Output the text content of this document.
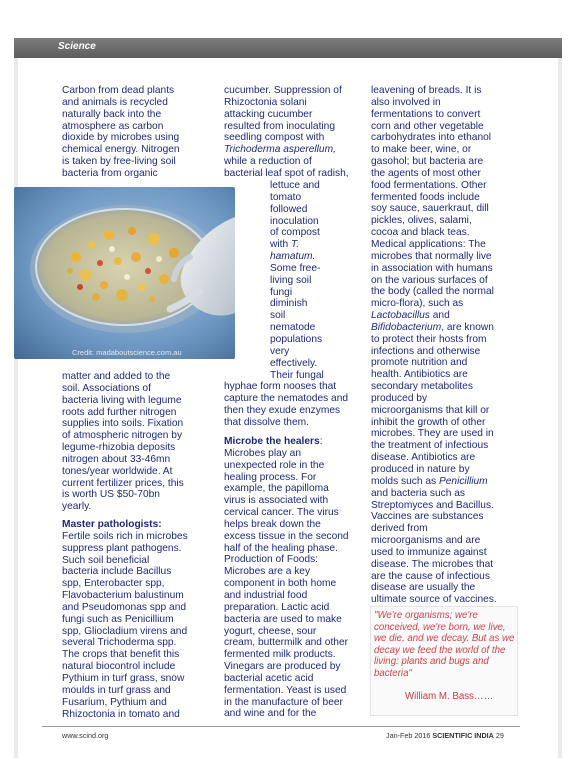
Science
Carbon from dead plants
and animals is recycled
naturally back into the
atmosphere as carbon
dioxide by microbes using
chemical energy. Nitrogen
is taken by free-living soil
bacteria from organic
Credit: madaboutscience.com.au
matter and added to the
soil. Associations of
bacteria living with legume
roots add further nitrogen
supplies into soils. Fixation
of atmospheric nitrogen by
legume-rhizobia deposits
nitrogen about 33-46mn
tones/year worldwide. At
current fertilizer prices, this
is worth US $50-70bn
yearly.
Master pathologists:
Fertile soils rich in microbes
suppress plant pathogens.
Such soil beneficial
bacteria include Bacillus
spp, Enterobacter spp,
Flavobacterium balustinum
and Pseudomonas spp and
fungi such as Penicillium
spp, Gliocladium virens and
several Trichoderma spp.
The crops that benefit this
natural biocontrol include
Pythium in turf grass, snow
moulds in turf grass and
Fusarium, Pythium and
Rhizoctonia in tomato and
cucumber. Suppression of
Rhizoctonia solani
attacking cucumber
resulted from inoculating
seedling compost with
Trichoderma asperellum,
while a reduction of
bacterial leaf spot of radish,
lettuce and
tomato
followed
inoculation
of compost
with T.
hamatum.
Some free-
living soil
fungi
diminish
soil
nematode
populations
very
effectively.
Their fungal
hyphae form nooses that
capture the nematodes and
then they exude enzymes
that dissolve them.
Microbe the healers:
Microbes play an
unexpected role in the
healing process. For
example, the papilloma
virus is associated with
cervical cancer. The virus
helps break down the
excess tissue in the second
half of the healing phase.
Production of Foods:
Microbes are a key
component in both home
and industrial food
preparation. Lactic acid
bacteria are used to make
yogurt, cheese, sour
cream, buttermilk and other
fermented milk products.
Vinegars are produced by
bacterial acetic acid
fermentation. Yeast is used
in the manufacture of beer
and wine and for the
leavening of breads. It is
also involved in
fermentations to convert
corn and other vegetable
carbohydrates into ethanol
to make beer, wine, or
gasohol; but bacteria are
the agents of most other
food fermentations. Other
fermented foods include
soy sauce, sauerkraut, dill
pickles, olives, salami,
cocoa and black teas.
Medical applications: The
microbes that normally live
in association with humans
on the various surfaces of
the body (called the normal
micro-flora), such as
Lactobacillus and
Bifidobacterium, are known
to protect their hosts from
infections and otherwise
promote nutrition and
health. Antibiotics are
secondary metabolites
produced by
microorganisms that kill or
inhibit the growth of other
microbes. They are used in
the treatment of infectious
disease. Antibiotics are
produced in nature by
molds such as Penicillium
and bacteria such as
Streptomyces and Bacillus.
Vaccines are substances
derived from
microorganisms and are
used to immunize against
disease. The microbes that
are the cause of infectious
disease are usually the
ultimate source of vaccines.
"We're organisms; we're conceived, we're born, we live, we die, and we decay. But as we decay we feed the world of the living: plants and bugs and bacteria"
William M. Bass……
www.scind.org	Jan-Feb 2016 SCIENTIFIC INDIA 29
